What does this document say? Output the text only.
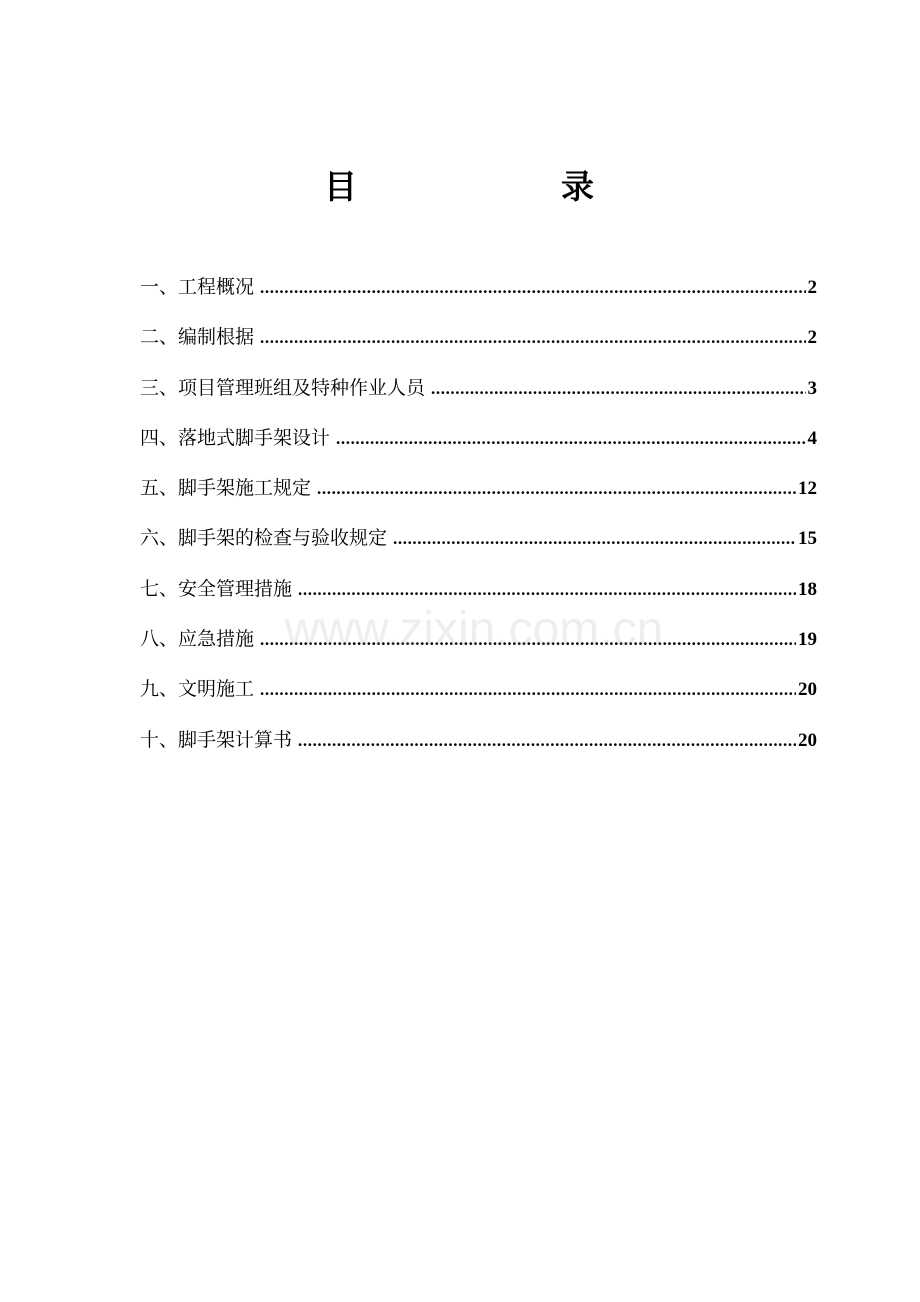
目	录
一、工程概况 .....	2
二、编制根据 .....	2
三、项目管理班组及特种作业人员 .....	3
四、落地式脚手架设计 .....	4
五、脚手架施工规定 .....	12
六、脚手架的检查与验收规定 .....	15
七、安全管理措施 .....	18
八、应急措施 .....	19
九、文明施工 .....	20
十、脚手架计算书 .....	20
www.zixin.com.cn
